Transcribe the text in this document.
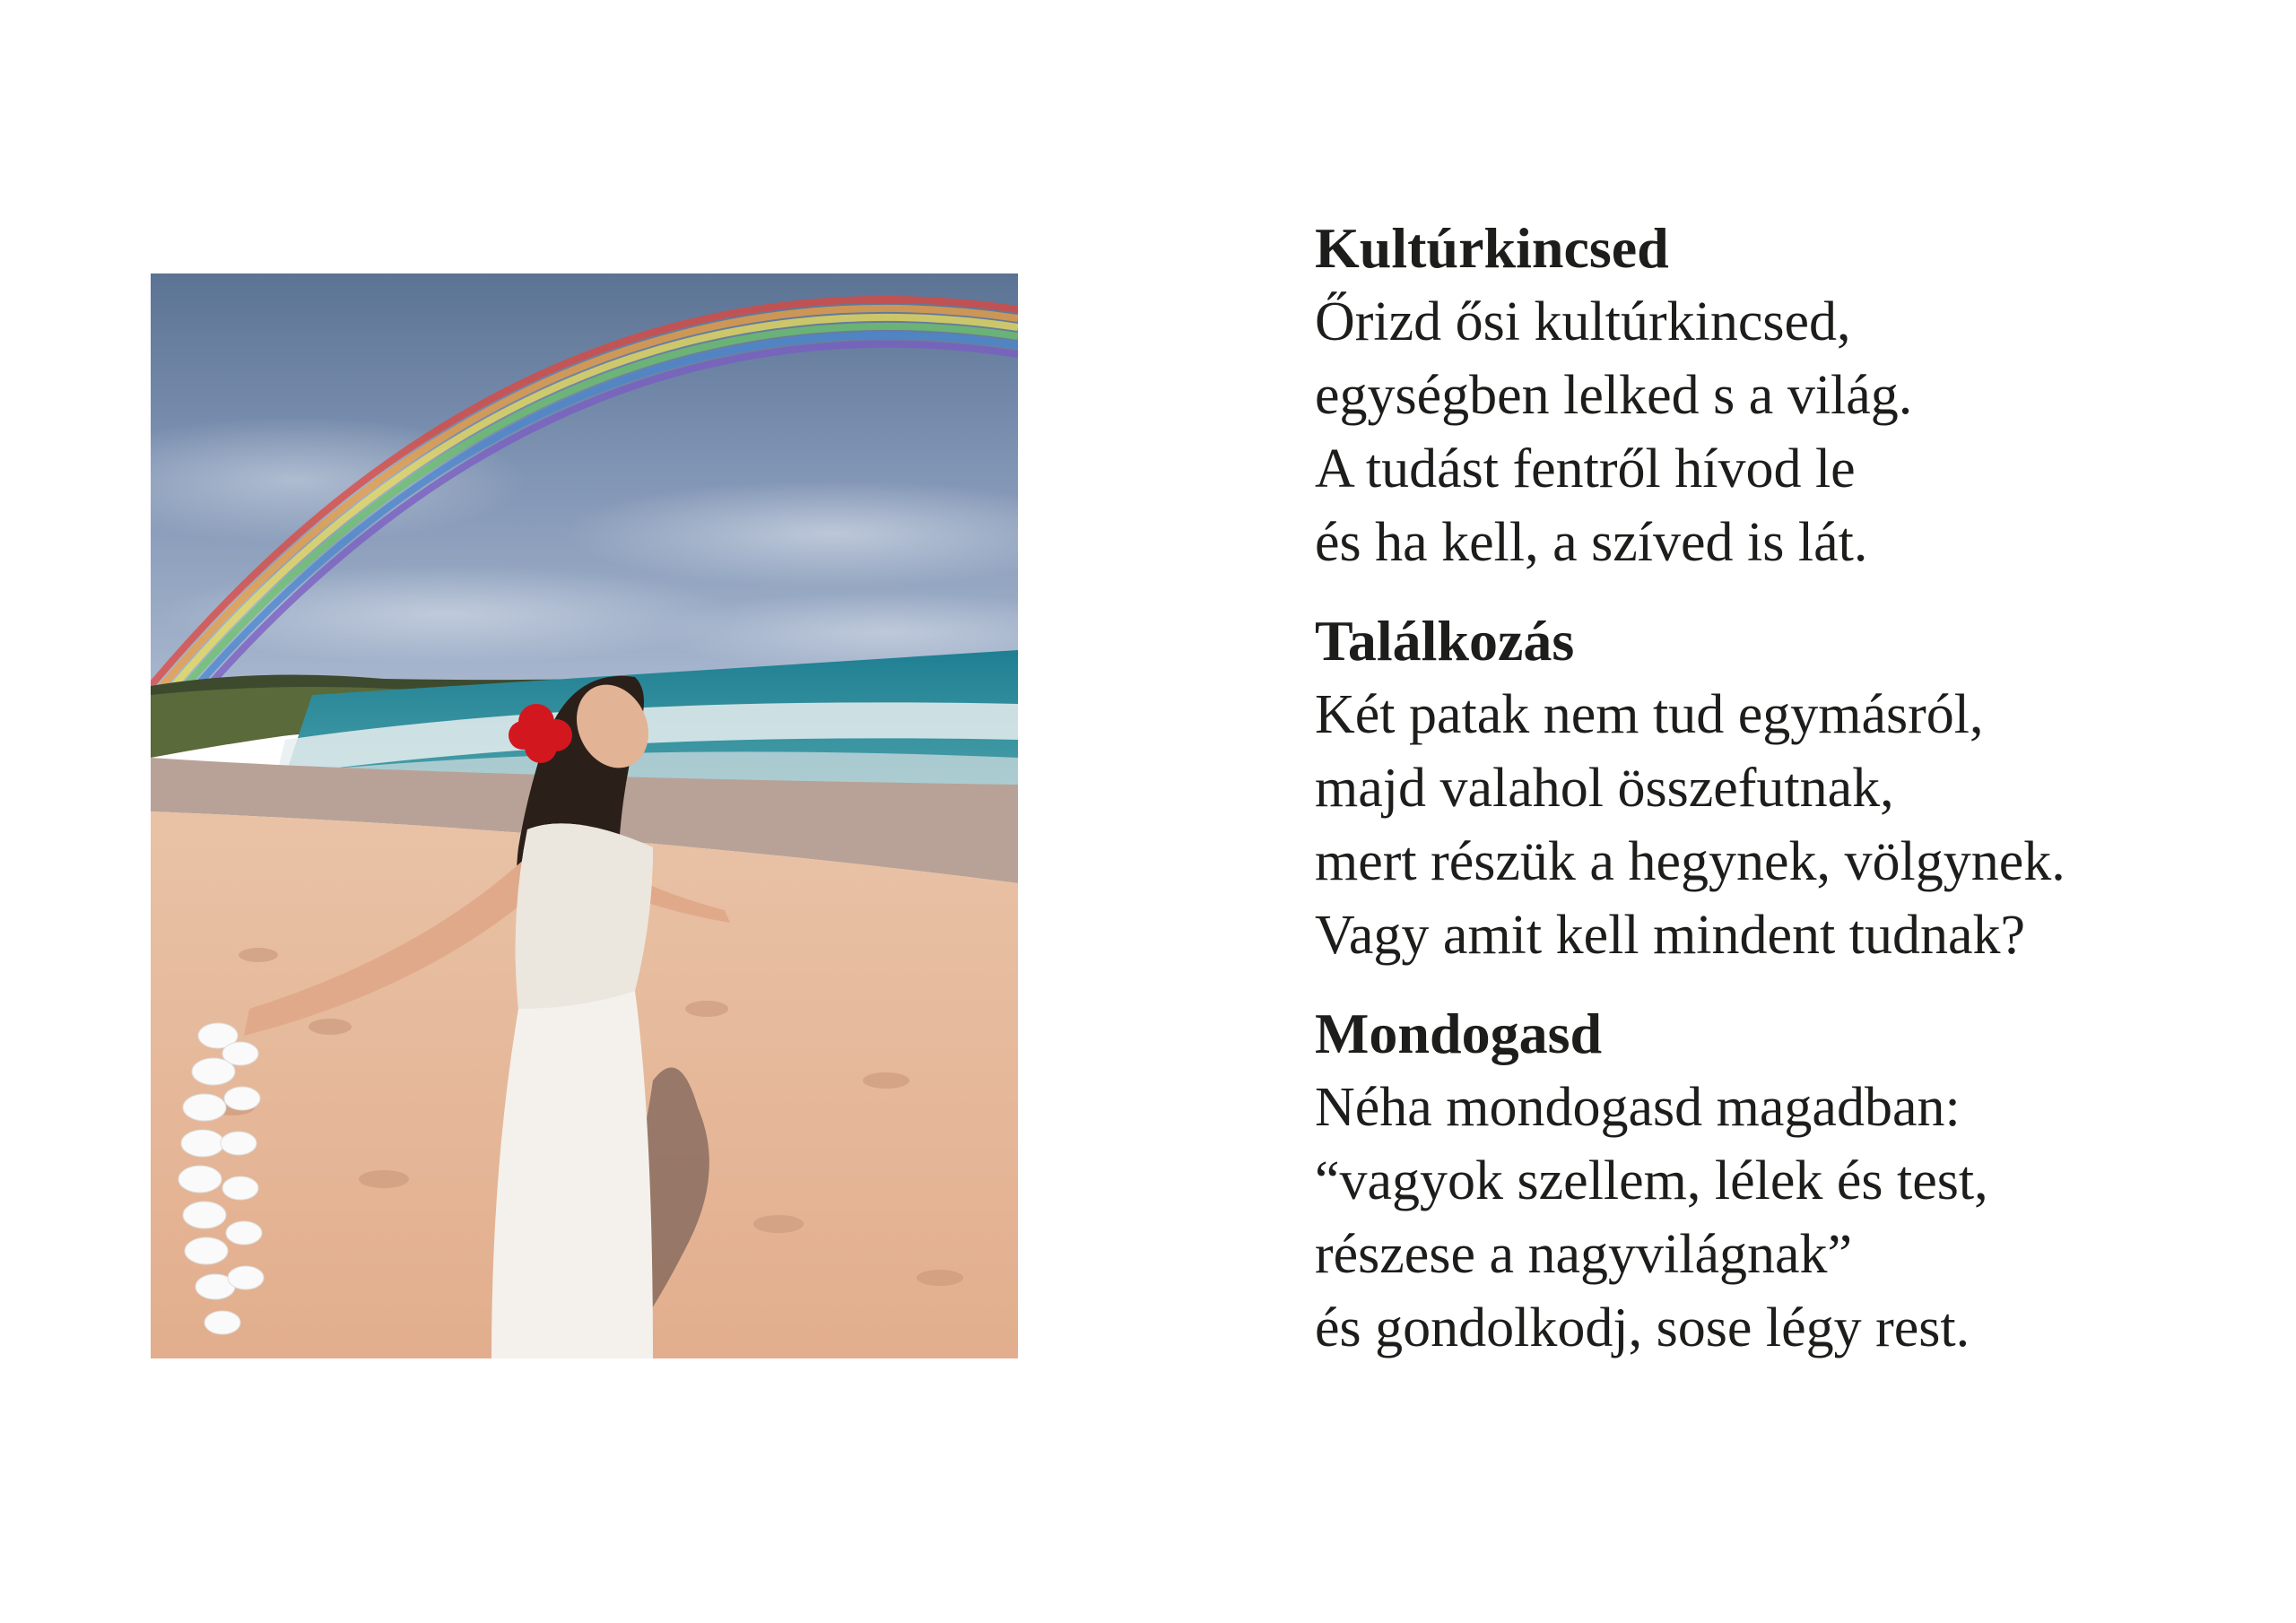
Kultúrkincsed
Őrizd ősi kultúrkincsed,
egységben lelked s a világ.
A tudást fentről hívod le
és ha kell, a szíved is lát.
Találkozás
Két patak nem tud egymásról,
majd valahol összefutnak,
mert részük a hegynek, völgynek.
Vagy amit kell mindent tudnak?
Mondogasd
Néha mondogasd magadban:
“vagyok szellem, lélek és test,
részese a nagyvilágnak”
és gondolkodj, sose légy rest.
